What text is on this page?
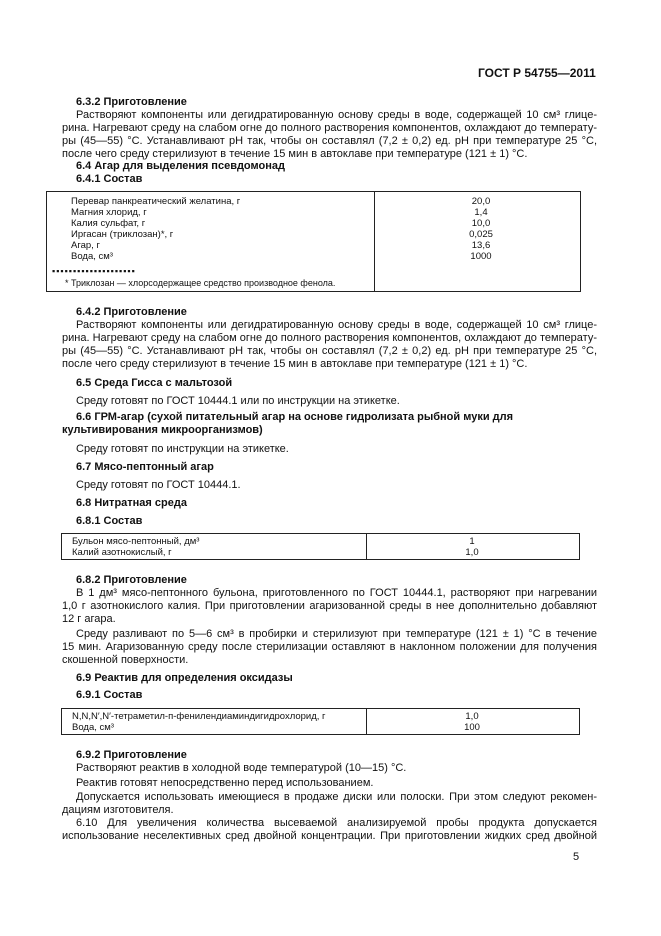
ГОСТ Р 54755—2011
6.3.2 Приготовление
Растворяют компоненты или дегидратированную основу среды в воде, содержащей 10 см³ глице-
рина. Нагревают среду на слабом огне до полного растворения компонентов, охлаждают до температу-
ры (45—55) °C. Устанавливают pH так, чтобы он составлял (7,2 ± 0,2) ед. pH при температуре 25 °C,
после чего среду стерилизуют в течение 15 мин в автоклаве при температуре (121 ± 1) °C.
6.4 Агар для выделения псевдомонад
6.4.1 Состав
Перевар панкреатический желатина, г
Магния хлорид, г
Калия сульфат, г
Иргасан (триклозан)*, г
Агар, г
Вода, см³
20,0
1,4
10,0
0,025
13,6
1000
▪▪▪▪▪▪▪▪▪▪▪▪▪▪▪▪▪▪▪▪
* Триклозан — хлорсодержащее средство производное фенола.
6.4.2 Приготовление
Растворяют компоненты или дегидратированную основу среды в воде, содержащей 10 см³ глице-
рина. Нагревают среду на слабом огне до полного растворения компонентов, охлаждают до температу-
ры (45—55) °C. Устанавливают pH так, чтобы он составлял (7,2 ± 0,2) ед. pH при температуре 25 °C,
после чего среду стерилизуют в течение 15 мин в автоклаве при температуре (121 ± 1) °C.
6.5 Среда Гисса с мальтозой
Среду готовят по ГОСТ 10444.1 или по инструкции на этикетке.
6.6 ГРМ-агар (сухой питательный агар на основе гидролизата рыбной муки для
культивирования микроорганизмов)
Среду готовят по инструкции на этикетке.
6.7 Мясо-пептонный агар
Среду готовят по ГОСТ 10444.1.
6.8 Нитратная среда
6.8.1 Состав
Бульон мясо-пептонный, дм³
Калий азотнокислый, г
1
1,0
6.8.2 Приготовление
В 1 дм³ мясо-пептонного бульона, приготовленного по ГОСТ 10444.1, растворяют при нагревании
1,0 г азотнокислого калия. При приготовлении агаризованной среды в нее дополнительно добавляют
12 г агара.
Среду разливают по 5—6 см³ в пробирки и стерилизуют при температуре (121 ± 1) °C в течение
15 мин. Агаризованную среду после стерилизации оставляют в наклонном положении для получения
скошенной поверхности.
6.9 Реактив для определения оксидазы
6.9.1 Состав
N,N,N′,N′-тетраметил-п-фенилендиаминдигидрохлорид, г
Вода, см³
1,0
100
6.9.2 Приготовление
Растворяют реактив в холодной воде температурой (10—15) °C.
Реактив готовят непосредственно перед использованием.
Допускается использовать имеющиеся в продаже диски или полоски. При этом следуют рекомен-
дациям изготовителя.
6.10 Для увеличения количества высеваемой анализируемой пробы продукта допускается
использование неселективных сред двойной концентрации. При приготовлении жидких сред двойной
5
